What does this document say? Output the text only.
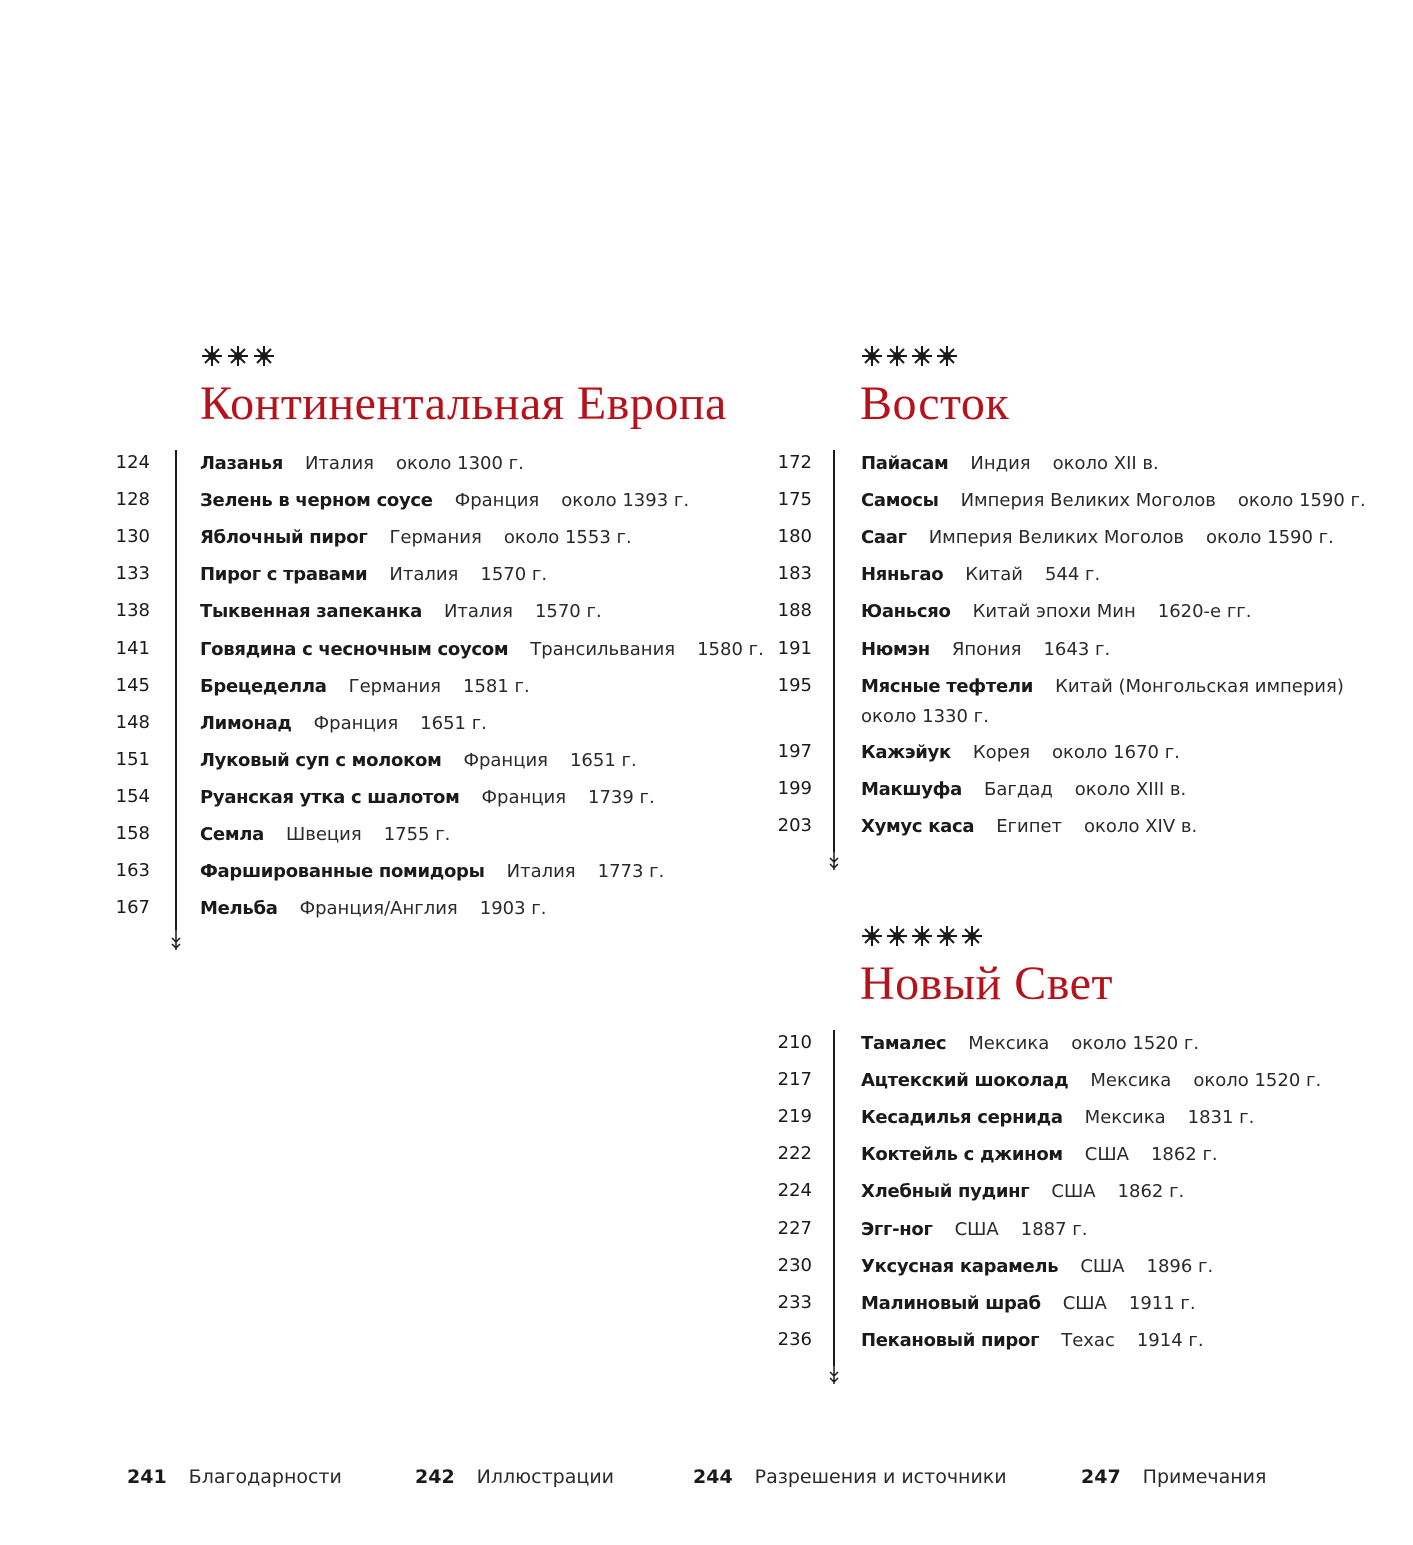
Континентальная Европа
124	Лазанья Италия около 1300 г.
128	Зелень в черном соусе Франция около 1393 г.
130	Яблочный пирог Германия около 1553 г.
133	Пирог с травами Италия 1570 г.
138	Тыквенная запеканка Италия 1570 г.
141	Говядина с чесночным соусом Трансильвания 1580 г.
145	Брецеделла Германия 1581 г.
148	Лимонад Франция 1651 г.
151	Луковый суп с молоком Франция 1651 г.
154	Руанская утка с шалотом Франция 1739 г.
158	Семла Швеция 1755 г.
163	Фаршированные помидоры Италия 1773 г.
167	Мельба Франция/Англия 1903 г.
Восток
172	Пайасам Индия около XII в.
175	Самосы Империя Великих Моголов около 1590 г.
180	Сааг Империя Великих Моголов около 1590 г.
183	Няньгао Китай 544 г.
188	Юаньсяо Китай эпохи Мин 1620-е гг.
191	Нюмэн Япония 1643 г.
195	Мясные тефтели Китай (Монгольская империя)
около 1330 г.
197	Кажэйук Корея около 1670 г.
199	Макшуфа Багдад около XIII в.
203	Хумус каса Египет около XIV в.
Новый Свет
210	Тамалес Мексика около 1520 г.
217	Ацтекский шоколад Мексика около 1520 г.
219	Кесадилья сернида Мексика 1831 г.
222	Коктейль с джином США 1862 г.
224	Хлебный пудинг США 1862 г.
227	Эгг-ног США 1887 г.
230	Уксусная карамель США 1896 г.
233	Малиновый шраб США 1911 г.
236	Пекановый пирог Техас 1914 г.
241 Благодарности	242 Иллюстрации	244 Разрешения и источники	247 Примечания
